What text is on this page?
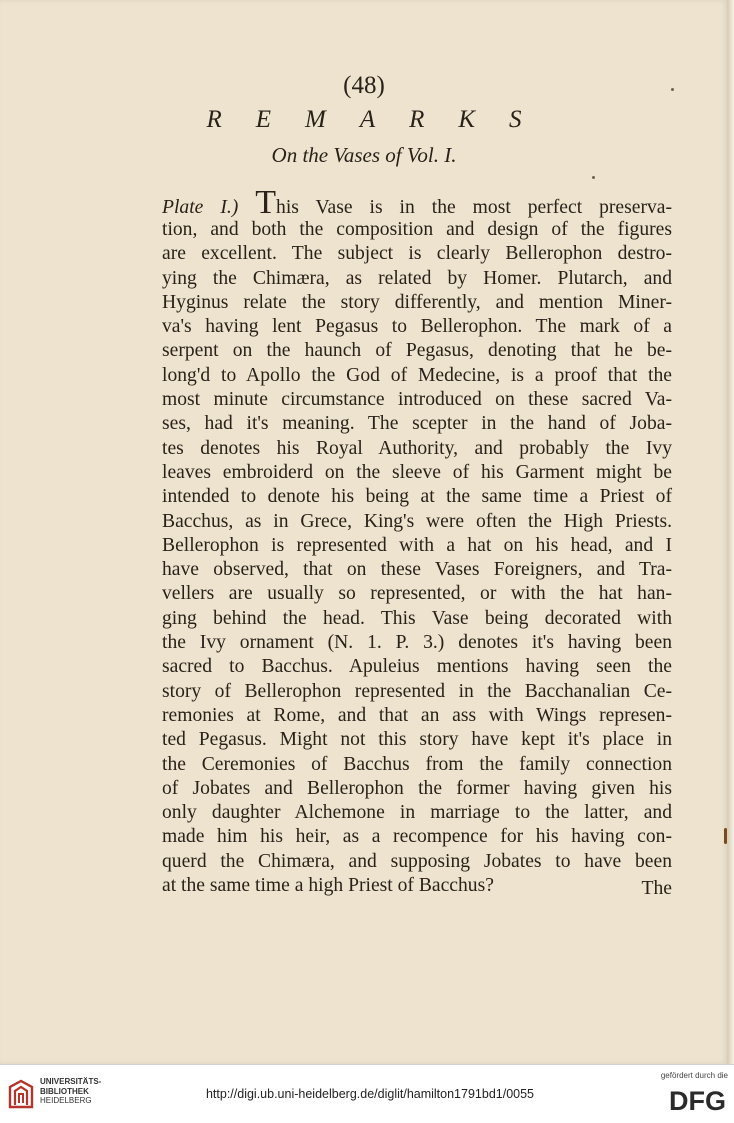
(48)
REMARKS
On the Vases of Vol. I.
Plate I.) This Vase is in the most perfect preserva-
tion, and both the composition and design of the figures
are excellent. The subject is clearly Bellerophon destro-
ying the Chimæra, as related by Homer. Plutarch, and
Hyginus relate the story differently, and mention Miner-
va's having lent Pegasus to Bellerophon. The mark of a
serpent on the haunch of Pegasus, denoting that he be-
long'd to Apollo the God of Medecine, is a proof that the
most minute circumstance introduced on these sacred Va-
ses, had it's meaning. The scepter in the hand of Joba-
tes denotes his Royal Authority, and probably the Ivy
leaves embroiderd on the sleeve of his Garment might be
intended to denote his being at the same time a Priest of
Bacchus, as in Grece, King's were often the High Priests.
Bellerophon is represented with a hat on his head, and I
have observed, that on these Vases Foreigners, and Tra-
vellers are usually so represented, or with the hat han-
ging behind the head. This Vase being decorated with
the Ivy ornament (N. 1. P. 3.) denotes it's having been
sacred to Bacchus. Apuleius mentions having seen the
story of Bellerophon represented in the Bacchanalian Ce-
remonies at Rome, and that an ass with Wings represen-
ted Pegasus. Might not this story have kept it's place in
the Ceremonies of Bacchus from the family connection
of Jobates and Bellerophon the former having given his
only daughter Alchemone in marriage to the latter, and
made him his heir, as a recompence for his having con-
querd the Chimæra, and supposing Jobates to have been
at the same time a high Priest of Bacchus?	The
UNIVERSITÄTS-
BIBLIOTHEK
HEIDELBERG	http://digi.ub.uni-heidelberg.de/diglit/hamilton1791bd1/0055
gefördert durch die
DFG
